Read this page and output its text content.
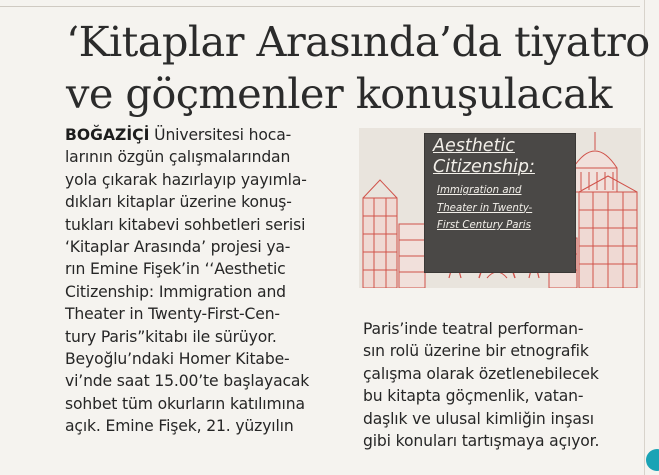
‘Kitaplar Arasında’da tiyatro
ve göçmenler konuşulacak
BOĞAZİÇİ Üniversitesi hoca-
larının özgün çalışmalarından
yola çıkarak hazırlayıp yayımla-
dıkları kitaplar üzerine konuş-
tukları kitabevi sohbetleri serisi
‘Kitaplar Arasında’ projesi ya-
rın Emine Fişek’in ‘‘Aesthetic
Citizenship: Immigration and
Theater in Twenty-First-Cen-
tury Paris”kitabı ile sürüyor.
Beyoğlu’ndaki Homer Kitabe-
vi’nde saat 15.00’te başlayacak
sohbet tüm okurların katılımına
açık. Emine Fişek, 21. yüzyılın
Aesthetic
Citizenship:
Immigration and
Theater in Twenty-
First Century Paris
Paris’inde teatral performan-
sın rolü üzerine bir etnografik
çalışma olarak özetlenebilecek
bu kitapta göçmenlik, vatan-
daşlık ve ulusal kimliğin inşası
gibi konuları tartışmaya açıyor.
